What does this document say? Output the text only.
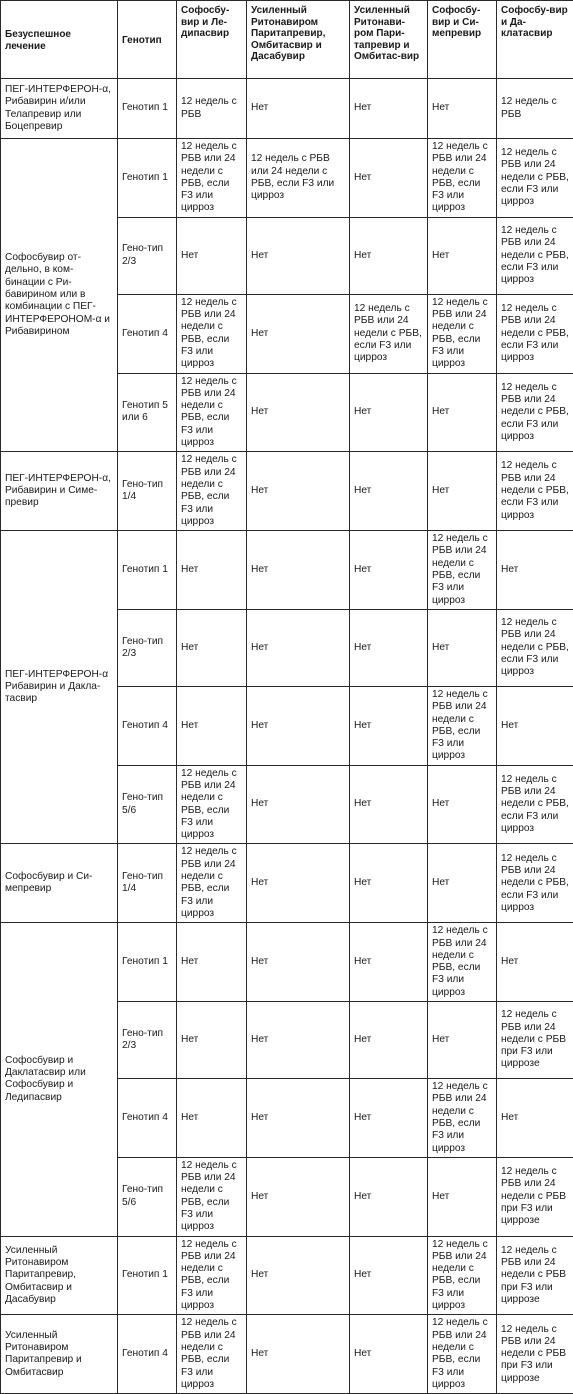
Безуспешное лечение	Генотип	Софосбу-вир и Ле-дипасвир	Усиленный Ритонавиром Паритапревир, Омбитасвир и Дасабувир	Усиленный Ритонави-ром Пари-тапревир и Омбитас-вир	Софосбу-вир и Си-мепревир	Софосбу-вир и Да-клатасвир
ПЕГ-ИНТЕРФЕРОН-α, Рибавирин и/или Телапревир или Боцепревир	Генотип 1	12 недель с РБВ	Нет	Нет	Нет	12 недель с РБВ
Софосбувир от-дельно, в ком-бинации с Ри-бавирином или в комбинации с ПЕГ-ИНТЕРФЕРОНОМ-α и Рибавирином	Генотип 1	12 недель с РБВ или 24 недели с РБВ, если F3 или цирроз	12 недель с РБВ или 24 недели с РБВ, если F3 или цирроз	Нет	12 недель с РБВ или 24 недели с РБВ, если F3 или цирроз	12 недель с РБВ или 24 недели с РБВ, если F3 или цирроз
	Гено-тип 2/3	Нет	Нет	Нет	Нет	12 недель с РБВ или 24 недели с РБВ, если F3 или цирроз
	Генотип 4	12 недель с РБВ или 24 недели с РБВ, если F3 или цирроз	Нет	12 недель с РБВ или 24 недели с РБВ, если F3 или цирроз	12 недель с РБВ или 24 недели с РБВ, если F3 или цирроз	12 недель с РБВ или 24 недели с РБВ, если F3 или цирроз
	Генотип 5 или 6	12 недель с РБВ или 24 недели с РБВ, если F3 или цирроз	Нет	Нет	Нет	12 недель с РБВ или 24 недели с РБВ, если F3 или цирроз
ПЕГ-ИНТЕРФЕРОН-α, Рибавирин и Симе-превир	Гено-тип 1/4	12 недель с РБВ или 24 недели с РБВ, если F3 или цирроз	Нет	Нет	Нет	12 недель с РБВ или 24 недели с РБВ, если F3 или цирроз
ПЕГ-ИНТЕРФЕРОН-α Рибавирин и Дакла-тасвир	Генотип 1	Нет	Нет	Нет	12 недель с РБВ или 24 недели с РБВ, если F3 или цирроз	Нет
	Гено-тип 2/3	Нет	Нет	Нет	Нет	12 недель с РБВ или 24 недели с РБВ, если F3 или цирроз
	Генотип 4	Нет	Нет	Нет	12 недель с РБВ или 24 недели с РБВ, если F3 или цирроз	Нет
	Гено-тип 5/6	12 недель с РБВ или 24 недели с РБВ, если F3 или цирроз	Нет	Нет	Нет	12 недель с РБВ или 24 недели с РБВ, если F3 или цирроз
Софосбувир и Си-мепревир	Гено-тип 1/4	12 недель с РБВ или 24 недели с РБВ, если F3 или цирроз	Нет	Нет	Нет	12 недель с РБВ или 24 недели с РБВ, если F3 или цирроз
Софосбувир и Даклатасвир или Софосбувир и Ледипасвир	Генотип 1	Нет	Нет	Нет	12 недель с РБВ или 24 недели с РБВ, если F3 или цирроз	Нет
	Гено-тип 2/3	Нет	Нет	Нет	Нет	12 недель с РБВ или 24 недели с РБВ при F3 или циррозе
	Генотип 4	Нет	Нет	Нет	12 недель с РБВ или 24 недели с РБВ, если F3 или цирроз	Нет
	Гено-тип 5/6	12 недель с РБВ или 24 недели с РБВ, если F3 или цирроз	Нет	Нет	Нет	12 недель с РБВ или 24 недели с РБВ при F3 или циррозе
Усиленный Ритонавиром Паритапревир, Омбитасвир и Дасабувир	Генотип 1	12 недель с РБВ или 24 недели с РБВ, если F3 или цирроз	Нет	Нет	12 недель с РБВ или 24 недели с РБВ, если F3 или цирроз	12 недель с РБВ или 24 недели с РБВ при F3 или циррозе
Усиленный Ритонавиром Паритапревир и Омбитасвир	Генотип 4	12 недель с РБВ или 24 недели с РБВ, если F3 или цирроз	Нет	Нет	12 недель с РБВ или 24 недели с РБВ, если F3 или цирроз	12 недель с РБВ или 24 недели с РБВ при F3 или циррозе
